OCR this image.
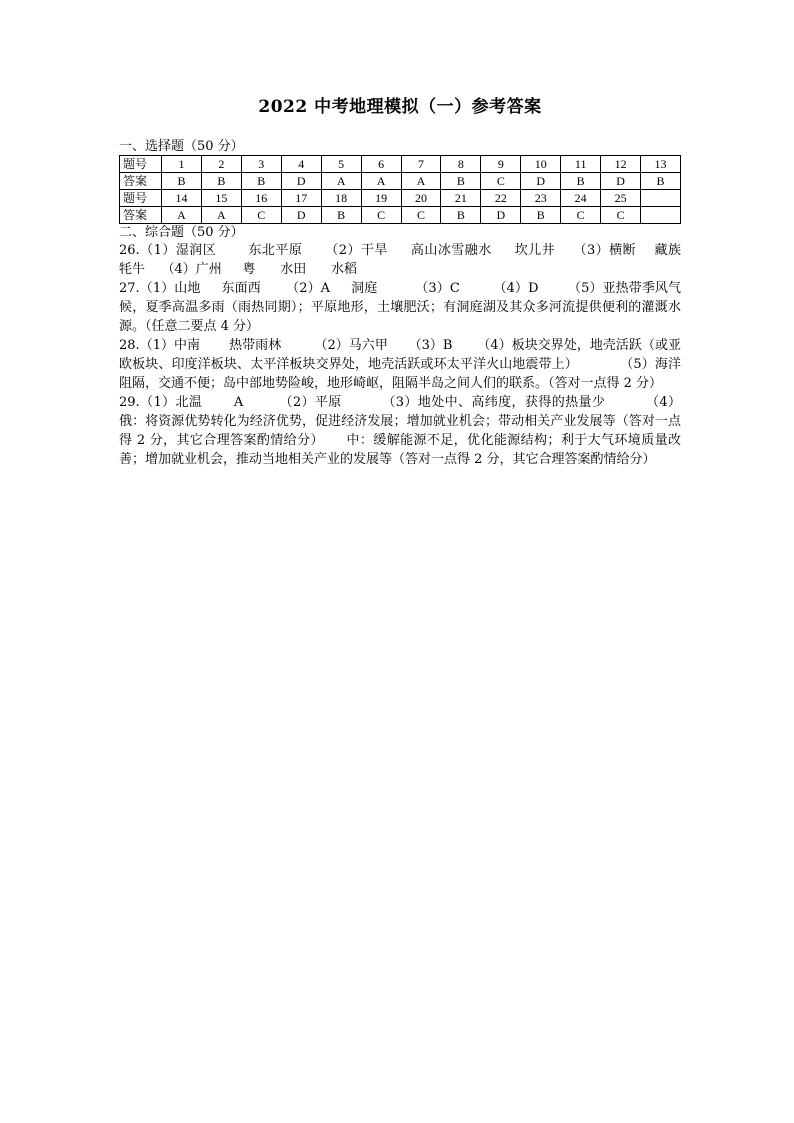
2022 中考地理模拟（一）参考答案
一、选择题（50 分）
题号	1	2	3	4	5	6	7	8	9	10	11	12	13
答案	B	B	B	D	A	A	A	B	C	D	B	D	B
题号	14	15	16	17	18	19	20	21	22	23	24	25	
答案	A	A	C	D	B	C	C	B	D	B	C	C	
二、综合题（50 分）
26.（1）湿润区       东北平原     （2）干旱     高山冰雪融水     坎儿井    （3）横断    藏族    牦牛    （4）广州     粤      水田      水稻
27.（1）山地     东面西      （2）A     洞庭         （3）C        （4）D       （5）亚热带季风气候，夏季高温多雨（雨热同期）；平原地形，土壤肥沃；有洞庭湖及其众多河流提供便利的灌溉水源。（任意二要点 4 分）
28.（1）中南       热带雨林        （2）马六甲     （3）B      （4）板块交界处，地壳活跃（或亚欧板块、印度洋板块、太平洋板块交界处，地壳活跃或环太平洋火山地震带上）          （5）海洋阻隔，交通不便；岛中部地势险峻，地形崎岖，阻隔半岛之间人们的联系。（答对一点得 2 分）
29.（1）北温       A        （2）平原         （3）地处中、高纬度，获得的热量少         （4）俄：将资源优势转化为经济优势，促进经济发展；增加就业机会；带动相关产业发展等（答对一点得 2 分，其它合理答案酌情给分）     中：缓解能源不足，优化能源结构；利于大气环境质量改善；增加就业机会，推动当地相关产业的发展等（答对一点得 2 分，其它合理答案酌情给分）
